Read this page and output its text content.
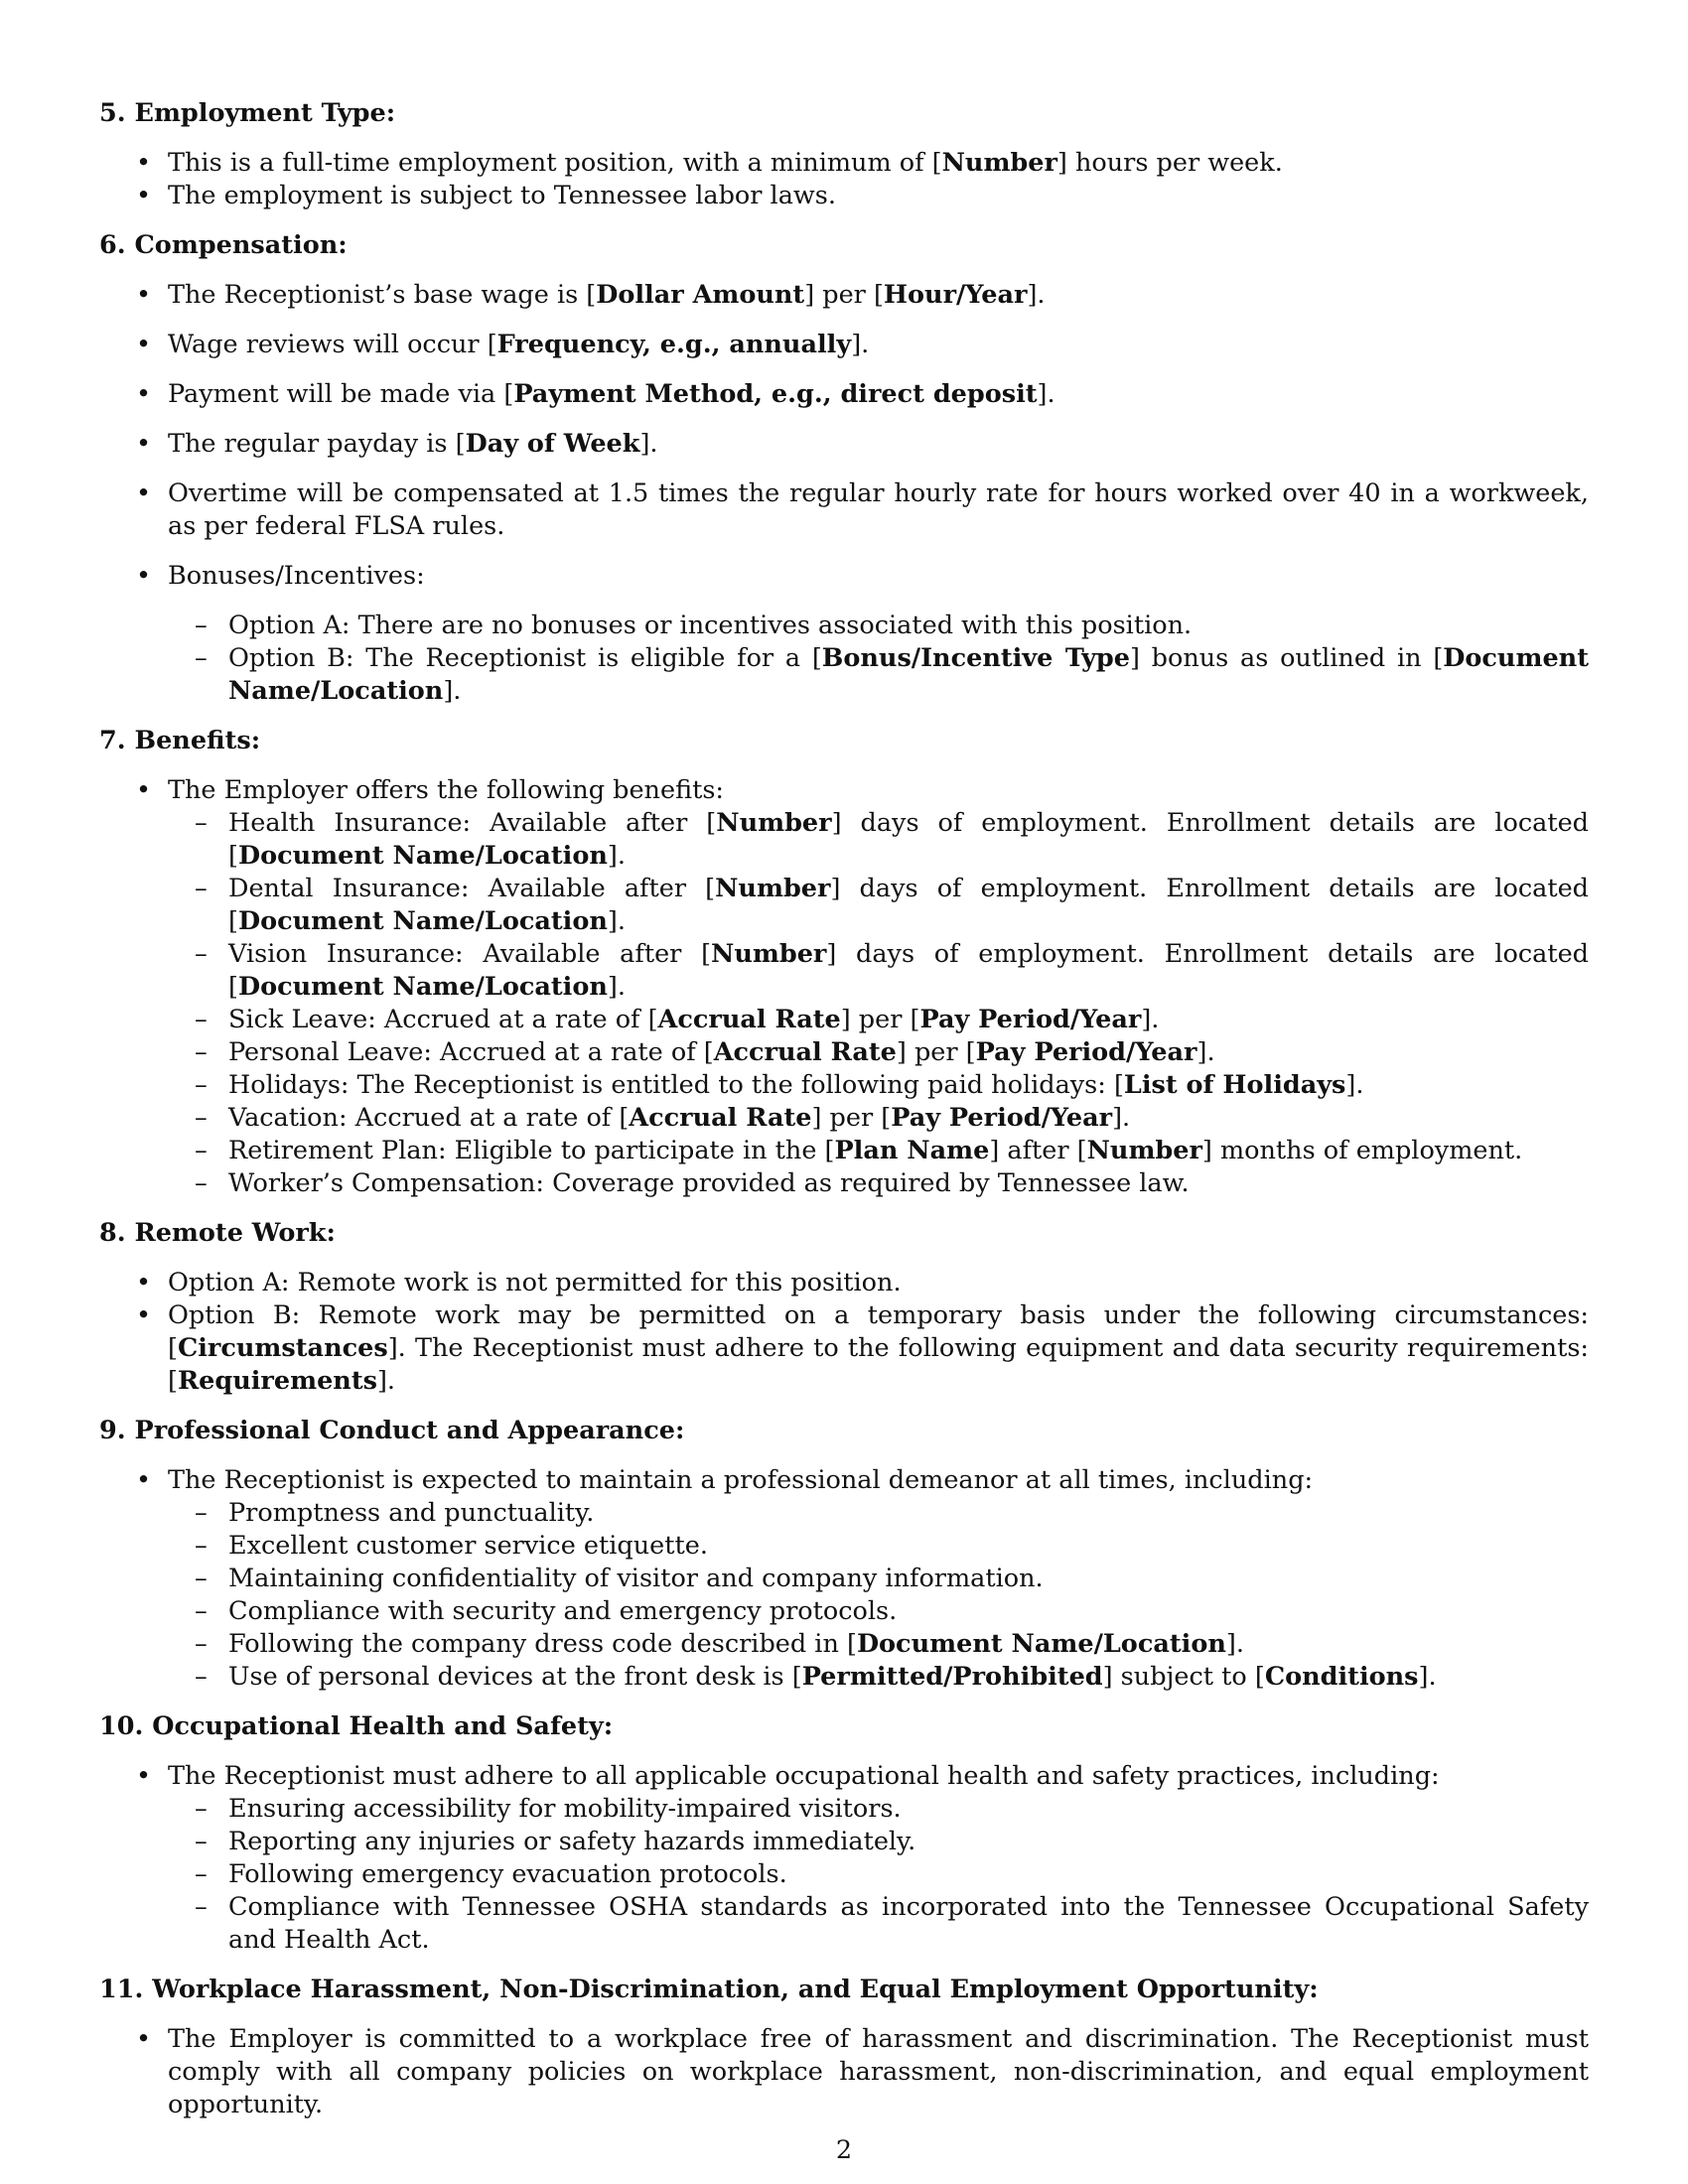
5. Employment Type:
• This is a full-time employment position, with a minimum of [Number] hours per week.
• The employment is subject to Tennessee labor laws.
6. Compensation:
• The Receptionist’s base wage is [Dollar Amount] per [Hour/Year].
• Wage reviews will occur [Frequency, e.g., annually].
• Payment will be made via [Payment Method, e.g., direct deposit].
• The regular payday is [Day of Week].
• Overtime will be compensated at 1.5 times the regular hourly rate for hours worked over 40 in a workweek, as per federal FLSA rules.
• Bonuses/Incentives:
– Option A: There are no bonuses or incentives associated with this position.
– Option B: The Receptionist is eligible for a [Bonus/Incentive Type] bonus as outlined in [Document Name/Location].
7. Benefits:
• The Employer offers the following benefits:
– Health Insurance: Available after [Number] days of employment. Enrollment details are located [Document Name/Location].
– Dental Insurance: Available after [Number] days of employment. Enrollment details are located [Document Name/Location].
– Vision Insurance: Available after [Number] days of employment. Enrollment details are located [Document Name/Location].
– Sick Leave: Accrued at a rate of [Accrual Rate] per [Pay Period/Year].
– Personal Leave: Accrued at a rate of [Accrual Rate] per [Pay Period/Year].
– Holidays: The Receptionist is entitled to the following paid holidays: [List of Holidays].
– Vacation: Accrued at a rate of [Accrual Rate] per [Pay Period/Year].
– Retirement Plan: Eligible to participate in the [Plan Name] after [Number] months of employment.
– Worker’s Compensation: Coverage provided as required by Tennessee law.
8. Remote Work:
• Option A: Remote work is not permitted for this position.
• Option B: Remote work may be permitted on a temporary basis under the following circumstances: [Circumstances]. The Receptionist must adhere to the following equipment and data security requirements: [Requirements].
9. Professional Conduct and Appearance:
• The Receptionist is expected to maintain a professional demeanor at all times, including:
– Promptness and punctuality.
– Excellent customer service etiquette.
– Maintaining confidentiality of visitor and company information.
– Compliance with security and emergency protocols.
– Following the company dress code described in [Document Name/Location].
– Use of personal devices at the front desk is [Permitted/Prohibited] subject to [Conditions].
10. Occupational Health and Safety:
• The Receptionist must adhere to all applicable occupational health and safety practices, including:
– Ensuring accessibility for mobility-impaired visitors.
– Reporting any injuries or safety hazards immediately.
– Following emergency evacuation protocols.
– Compliance with Tennessee OSHA standards as incorporated into the Tennessee Occupational Safety and Health Act.
11. Workplace Harassment, Non-Discrimination, and Equal Employment Opportunity:
• The Employer is committed to a workplace free of harassment and discrimination. The Receptionist must comply with all company policies on workplace harassment, non-discrimination, and equal employment opportunity.
2
